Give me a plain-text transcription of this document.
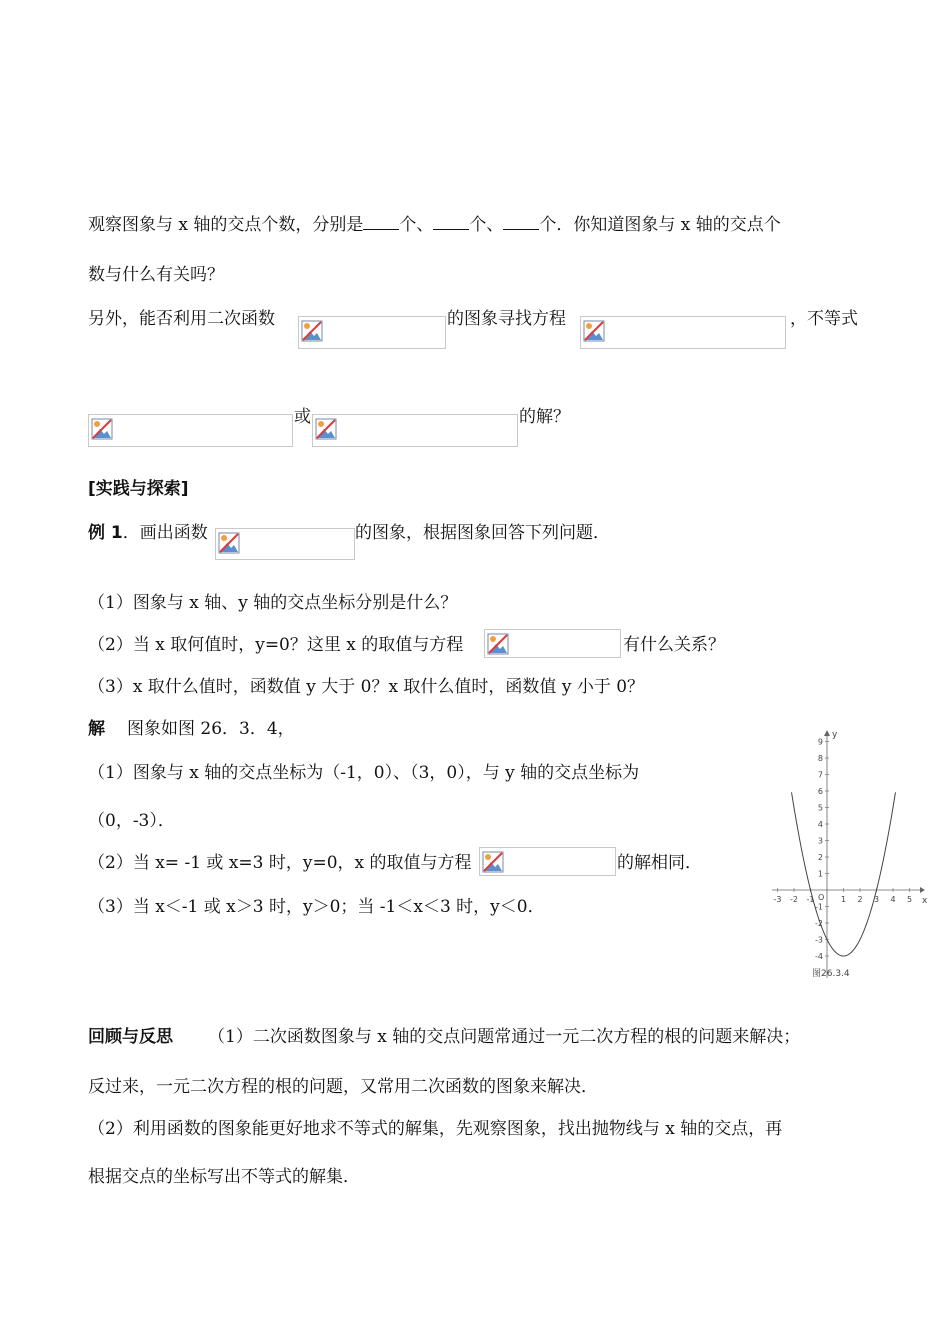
观察图象与 x 轴的交点个数，分别是 个、 个、 个．你知道图象与 x 轴的交点个
数与什么有关吗？
另外，能否利用二次函数	的图象寻找方程	，不等式
或	的解？
[实践与探索]
例 1．画出函数	的图象，根据图象回答下列问题．
（1）图象与 x 轴、y 轴的交点坐标分别是什么？
（2）当 x 取何值时，y=0？这里 x 的取值与方程	有什么关系？
（3）x 取什么值时，函数值 y 大于 0？x 取什么值时，函数值 y 小于 0？
解 图象如图 26．3．4，
（1）图象与 x 轴的交点坐标为（-1，0）、（3，0），与 y 轴的交点坐标为
（0，-3）．
（2）当 x= -1 或 x=3 时，y=0，x 的取值与方程	的解相同．
（3）当 x＜-1 或 x＞3 时，y＞0；当 -1＜x＜3 时，y＜0．	x
y
O
-3 -2 -1	1 2 3 4 5
9
8
7
6
5
4
3
2
1
-1
-2
-3
-4
图26.3.4
回顾与反思 （1）二次函数图象与 x 轴的交点问题常通过一元二次方程的根的问题来解决；
反过来，一元二次方程的根的问题，又常用二次函数的图象来解决．
（2）利用函数的图象能更好地求不等式的解集，先观察图象，找出抛物线与 x 轴的交点，再
根据交点的坐标写出不等式的解集．
